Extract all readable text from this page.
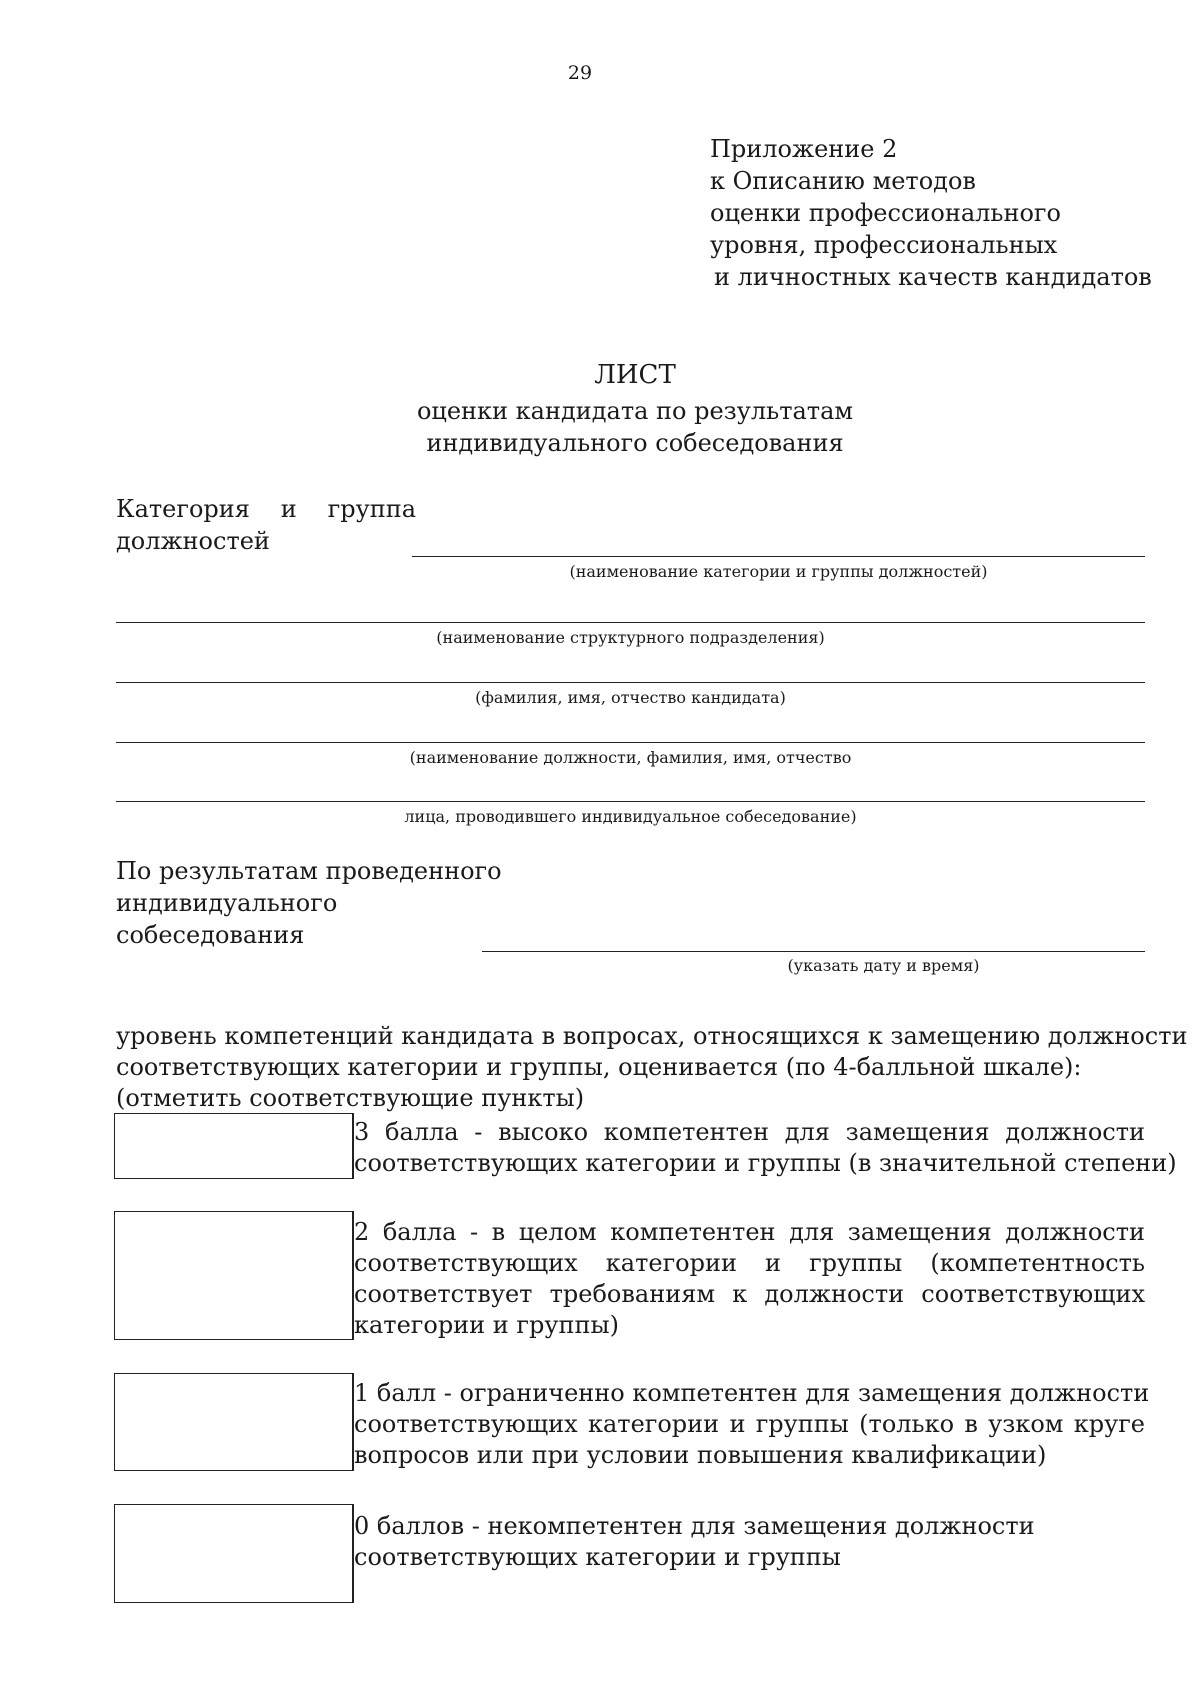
29
Приложение 2
к Описанию методов
оценки профессионального
уровня, профессиональных
и личностных качеств кандидатов
ЛИСТ
оценки кандидата по результатам
индивидуального собеседования
Категория и группа
должностей
(наименование категории и группы должностей)
(наименование структурного подразделения)
(фамилия, имя, отчество кандидата)
(наименование должности, фамилия, имя, отчество
лица, проводившего индивидуальное собеседование)
По результатам проведенного
индивидуального
собеседования
(указать дату и время)
уровень компетенций кандидата в вопросах, относящихся к замещению должности
соответствующих категории и группы, оценивается (по 4-балльной шкале):
(отметить соответствующие пункты)
3 балла - высоко компетентен для замещения должности
соответствующих категории и группы (в значительной степени)
2 балла - в целом компетентен для замещения должности
соответствующих категории и группы (компетентность
соответствует требованиям к должности соответствующих
категории и группы)
1 балл - ограниченно компетентен для замещения должности
соответствующих категории и группы (только в узком круге
вопросов или при условии повышения квалификации)
0 баллов - некомпетентен для замещения должности
соответствующих категории и группы
